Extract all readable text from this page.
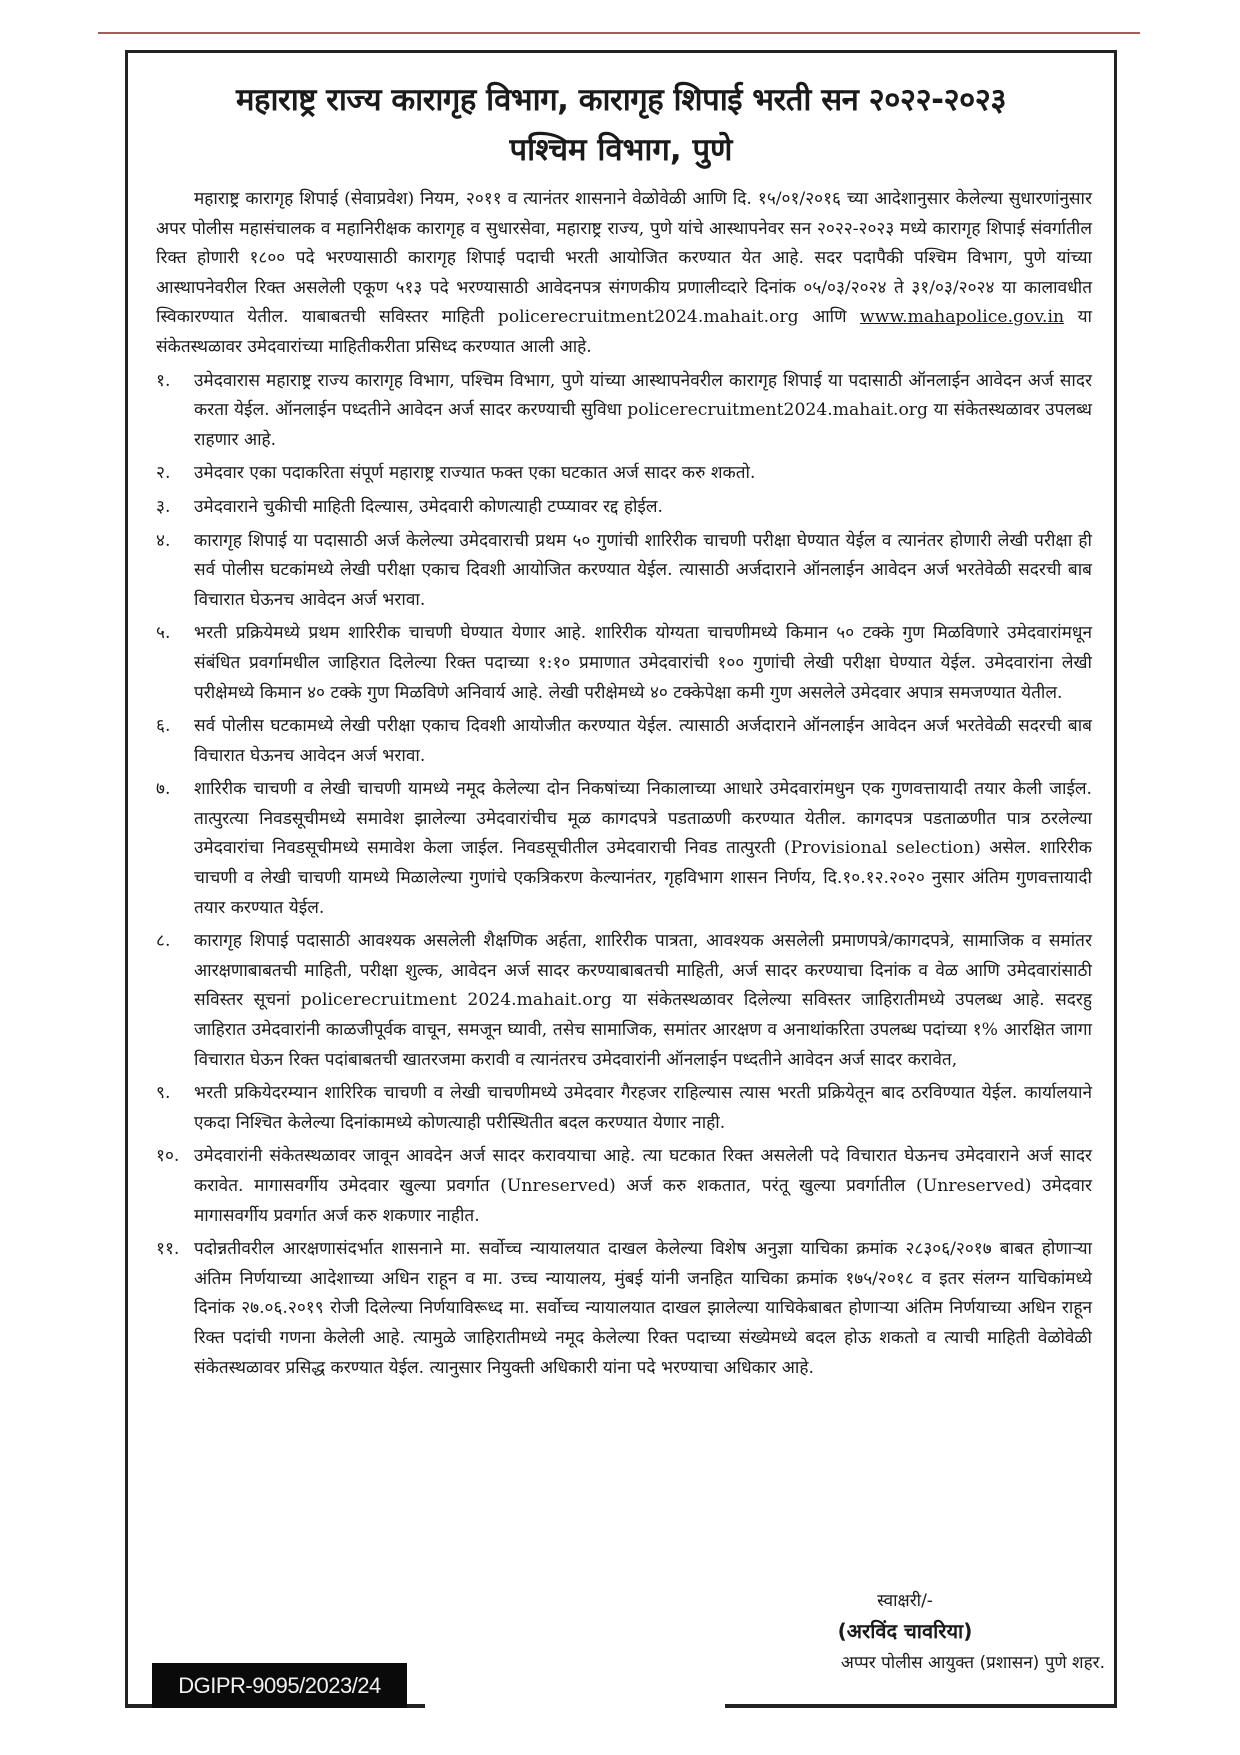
महाराष्ट्र राज्य कारागृह विभाग, कारागृह शिपाई भरती सन २०२२-२०२३
पश्चिम विभाग, पुणे

महाराष्ट्र कारागृह शिपाई (सेवाप्रवेश) नियम, २०११ व त्यानंतर शासनाने वेळोवेळी आणि दि. १५/०१/२०१६ च्या आदेशानुसार केलेल्या सुधारणांनुसार अपर पोलीस महासंचालक व महानिरीक्षक कारागृह व सुधारसेवा, महाराष्ट्र राज्य, पुणे यांचे आस्थापनेवर सन २०२२-२०२३ मध्ये कारागृह शिपाई संवर्गातील रिक्त होणारी १८०० पदे भरण्यासाठी कारागृह शिपाई पदाची भरती आयोजित करण्यात येत आहे. सदर पदापैकी पश्चिम विभाग, पुणे यांच्या आस्थापनेवरील रिक्त असलेली एकूण ५१३ पदे भरण्यासाठी आवेदनपत्र संगणकीय प्रणालीव्दारे दिनांक ०५/०३/२०२४ ते ३१/०३/२०२४ या कालावधीत स्विकारण्यात येतील. याबाबतची सविस्तर माहिती policerecruitment2024.mahait.org आणि www.mahapolice.gov.in या संकेतस्थळावर उमेदवारांच्या माहितीकरीता प्रसिध्द करण्यात आली आहे.

१.	उमेदवारास महाराष्ट्र राज्य कारागृह विभाग, पश्चिम विभाग, पुणे यांच्या आस्थापनेवरील कारागृह शिपाई या पदासाठी ऑनलाईन आवेदन अर्ज सादर करता येईल. ऑनलाईन पध्दतीने आवेदन अर्ज सादर करण्याची सुविधा policerecruitment2024.mahait.org या संकेतस्थळावर उपलब्ध राहणार आहे.
२.	उमेदवार एका पदाकरिता संपूर्ण महाराष्ट्र राज्यात फक्त एका घटकात अर्ज सादर करु शकतो.
३.	उमेदवाराने चुकीची माहिती दिल्यास, उमेदवारी कोणत्याही टप्प्यावर रद्द होईल.
४.	कारागृह शिपाई या पदासाठी अर्ज केलेल्या उमेदवाराची प्रथम ५० गुणांची शारिरीक चाचणी परीक्षा घेण्यात येईल व त्यानंतर होणारी लेखी परीक्षा ही सर्व पोलीस घटकांमध्ये लेखी परीक्षा एकाच दिवशी आयोजित करण्यात येईल. त्यासाठी अर्जदाराने ऑनलाईन आवेदन अर्ज भरतेवेळी सदरची बाब विचारात घेऊनच आवेदन अर्ज भरावा.
५.	भरती प्रक्रियेमध्ये प्रथम शारिरीक चाचणी घेण्यात येणार आहे. शारिरीक योग्यता चाचणीमध्ये किमान ५० टक्के गुण मिळविणारे उमेदवारांमधून संबंधित प्रवर्गामधील जाहिरात दिलेल्या रिक्त पदाच्या १:१० प्रमाणात उमेदवारांची १०० गुणांची लेखी परीक्षा घेण्यात येईल. उमेदवारांना लेखी परीक्षेमध्ये किमान ४० टक्के गुण मिळविणे अनिवार्य आहे. लेखी परीक्षेमध्ये ४० टक्केपेक्षा कमी गुण असलेले उमेदवार अपात्र समजण्यात येतील.
६.	सर्व पोलीस घटकामध्ये लेखी परीक्षा एकाच दिवशी आयोजीत करण्यात येईल. त्यासाठी अर्जदाराने ऑनलाईन आवेदन अर्ज भरतेवेळी सदरची बाब विचारात घेऊनच आवेदन अर्ज भरावा.
७.	शारिरीक चाचणी व लेखी चाचणी यामध्ये नमूद केलेल्या दोन निकषांच्या निकालाच्या आधारे उमेदवारांमधुन एक गुणवत्तायादी तयार केली जाईल. तात्पुरत्या निवडसूचीमध्ये समावेश झालेल्या उमेदवारांचीच मूळ कागदपत्रे पडताळणी करण्यात येतील. कागदपत्र पडताळणीत पात्र ठरलेल्या उमेदवारांचा निवडसूचीमध्ये समावेश केला जाईल. निवडसूचीतील उमेदवाराची निवड तात्पुरती (Provisional selection) असेल. शारिरीक चाचणी व लेखी चाचणी यामध्ये मिळालेल्या गुणांचे एकत्रिकरण केल्यानंतर, गृहविभाग शासन निर्णय, दि.१०.१२.२०२० नुसार अंतिम गुणवत्तायादी तयार करण्यात येईल.
८.	कारागृह शिपाई पदासाठी आवश्यक असलेली शैक्षणिक अर्हता, शारिरीक पात्रता, आवश्यक असलेली प्रमाणपत्रे/कागदपत्रे, सामाजिक व समांतर आरक्षणाबाबतची माहिती, परीक्षा शुल्क, आवेदन अर्ज सादर करण्याबाबतची माहिती, अर्ज सादर करण्याचा दिनांक व वेळ आणि उमेदवारांसाठी सविस्तर सूचनां policerecruitment 2024.mahait.org या संकेतस्थळावर दिलेल्या सविस्तर जाहिरातीमध्ये उपलब्ध आहे. सदरहु जाहिरात उमेदवारांनी काळजीपूर्वक वाचून, समजून घ्यावी, तसेच सामाजिक, समांतर आरक्षण व अनाथांकरिता उपलब्ध पदांच्या १% आरक्षित जागा विचारात घेऊन रिक्त पदांबाबतची खातरजमा करावी व त्यानंतरच उमेदवारांनी ऑनलाईन पध्दतीने आवेदन अर्ज सादर करावेत,
९.	भरती प्रकियेदरम्यान शारिरिक चाचणी व लेखी चाचणीमध्ये उमेदवार गैरहजर राहिल्यास त्यास भरती प्रक्रियेतून बाद ठरविण्यात येईल. कार्यालयाने एकदा निश्चित केलेल्या दिनांकामध्ये कोणत्याही परीस्थितीत बदल करण्यात येणार नाही.
१०. उमेदवारांनी संकेतस्थळावर जावून आवदेन अर्ज सादर करावयाचा आहे. त्या घटकात रिक्त असलेली पदे विचारात घेऊनच उमेदवाराने अर्ज सादर करावेत. मागासवर्गीय उमेदवार खुल्या प्रवर्गात (Unreserved) अर्ज करु शकतात, परंतू खुल्या प्रवर्गातील (Unreserved) उमेदवार मागासवर्गीय प्रवर्गात अर्ज करु शकणार नाहीत.
११. पदोन्नतीवरील आरक्षणासंदर्भात शासनाने मा. सर्वोच्च न्यायालयात दाखल केलेल्या विशेष अनुज्ञा याचिका क्रमांक २८३०६/२०१७ बाबत होणाऱ्या अंतिम निर्णयाच्या आदेशाच्या अधिन राहून व मा. उच्च न्यायालय, मुंबई यांनी जनहित याचिका क्रमांक १७५/२०१८ व इतर संलग्न याचिकांमध्ये दिनांक २७.०६.२०१९ रोजी दिलेल्या निर्णयाविरूध्द मा. सर्वोच्च न्यायालयात दाखल झालेल्या याचिकेबाबत होणाऱ्या अंतिम निर्णयाच्या अधिन राहून रिक्त पदांची गणना केलेली आहे. त्यामुळे जाहिरातीमध्ये नमूद केलेल्या रिक्त पदाच्या संख्येमध्ये बदल होऊ शकतो व त्याची माहिती वेळोवेळी संकेतस्थळावर प्रसिद्ध करण्यात येईल. त्यानुसार नियुक्ती अधिकारी यांना पदे भरण्याचा अधिकार आहे.
स्वाक्षरी/-
(अरविंद चावरिया)
अप्पर पोलीस आयुक्त (प्रशासन) पुणे शहर.
DGIPR-9095/2023/24
